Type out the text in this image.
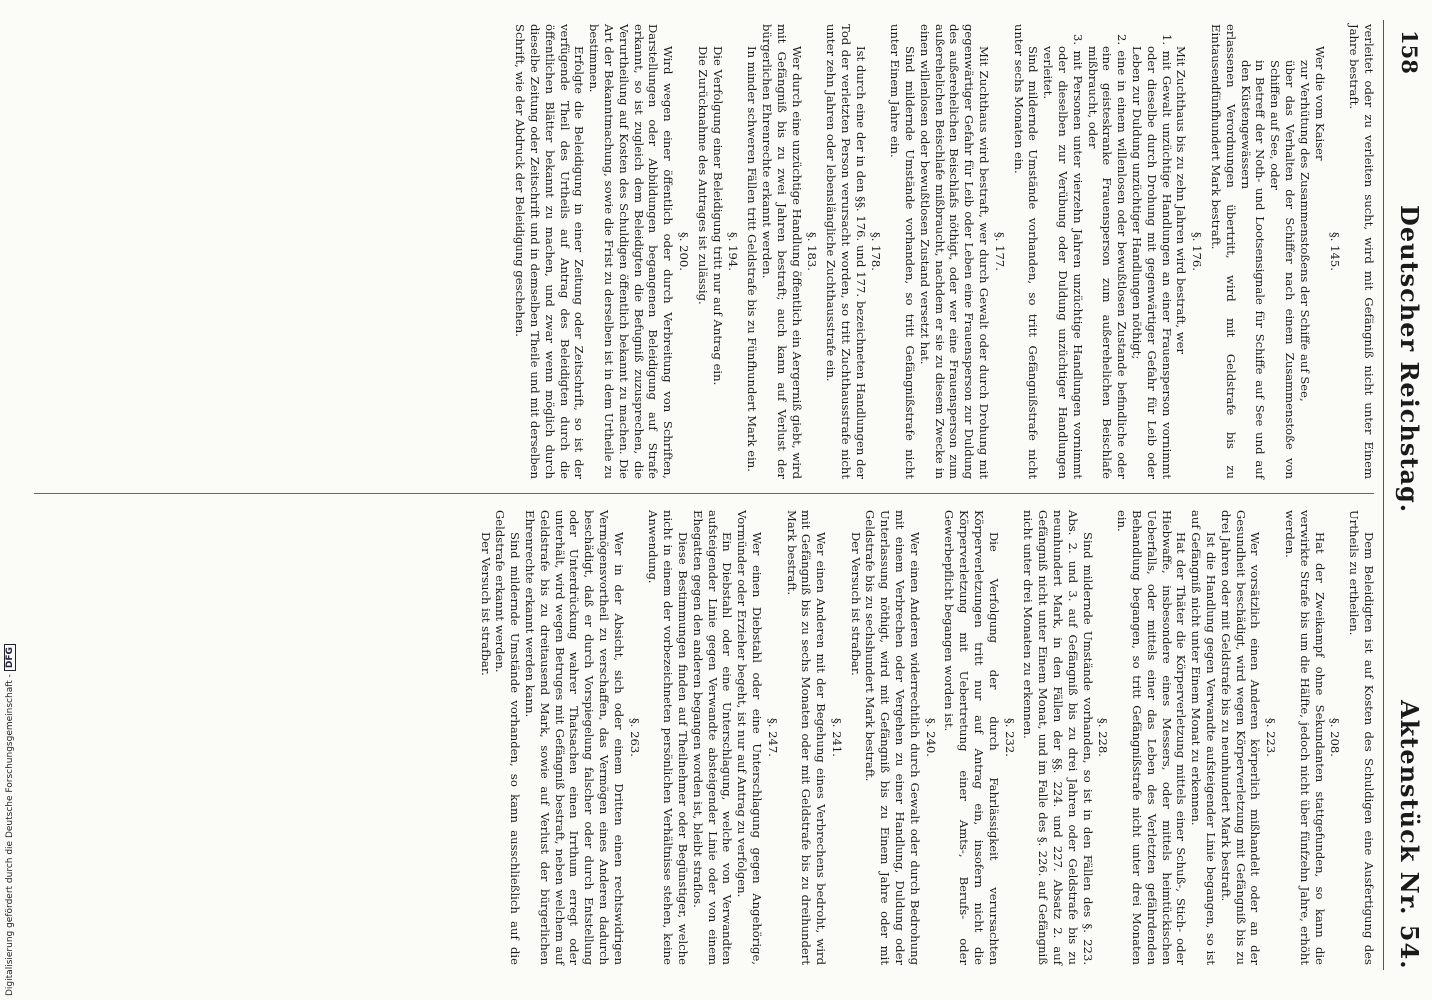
158
Deutscher Reichstag.
Aktenstück Nr. 54.

verleitet oder zu verleiten sucht, wird mit Gefängniß nicht unter Einem Jahre bestraft.

§. 145.

Wer die vom Kaiser

zur Verhütung des Zusammenstoßens der Schiffe auf See,

über das Verhalten der Schiffer nach einem Zusammenstoße von Schiffen auf See, oder

in Betreff der Noth- und Lootsensignale für Schiffe auf See und auf den Küstengewässern

erlassenen Verordnungen übertritt, wird mit Geldstrafe bis zu Eintausendfünfhundert Mark bestraft.

§. 176.

Mit Zuchthaus bis zu zehn Jahren wird bestraft, wer

1. mit Gewalt unzüchtige Handlungen an einer Frauensperson vornimmt oder dieselbe durch Drohung mit gegenwärtiger Gefahr für Leib oder Leben zur Duldung unzüchtiger Handlungen nöthigt;

2. eine in einem willenlosen oder bewußtlosen Zustande befindliche oder eine geisteskranke Frauensperson zum außerehelichen Beischlafe mißbraucht, oder

3. mit Personen unter vierzehn Jahren unzüchtige Handlungen vornimmt oder dieselben zur Verübung oder Duldung unzüchtiger Handlungen verleitet.

Sind mildernde Umstände vorhanden, so tritt Gefängnißstrafe nicht unter sechs Monaten ein.

§. 177.

Mit Zuchthaus wird bestraft, wer durch Gewalt oder durch Drohung mit gegenwärtiger Gefahr für Leib oder Leben eine Frauensperson zur Duldung des außerehelichen Beischlafs nöthigt, oder wer eine Frauensperson zum außerehelichen Beischlafe mißbraucht, nachdem er sie zu diesem Zwecke in einen willenlosen oder bewußtlosen Zustand versetzt hat.

Sind mildernde Umstände vorhanden, so tritt Gefängnißstrafe nicht unter Einem Jahre ein.

§. 178.

Ist durch eine der in den §§. 176. und 177. bezeichneten Handlungen der Tod der verletzten Person verursacht worden, so tritt Zuchthausstrafe nicht unter zehn Jahren oder lebenslängliche Zuchthausstrafe ein.

§. 183.

Wer durch eine unzüchtige Handlung öffentlich ein Aergerniß giebt, wird mit Gefängniß bis zu zwei Jahren bestraft; auch kann auf Verlust der bürgerlichen Ehrenrechte erkannt werden.

In minder schweren Fällen tritt Geldstrafe bis zu Fünfhundert Mark ein.

§. 194.

Die Verfolgung einer Beleidigung tritt nur auf Antrag ein.

Die Zurücknahme des Antrages ist zulässig.

§. 200.

Wird wegen einer öffentlich oder durch Verbreitung von Schriften, Darstellungen oder Abbildungen begangenen Beleidigung auf Strafe erkannt, so ist zugleich dem Beleidigten die Befugniß zuzusprechen, die Verurtheilung auf Kosten des Schuldigen öffentlich bekannt zu machen. Die Art der Bekanntmachung, sowie die Frist zu derselben ist in dem Urtheile zu bestimmen.

Erfolgte die Beleidigung in einer Zeitung oder Zeitschrift, so ist der verfügende Theil des Urtheils auf Antrag des Beleidigten durch die öffentlichen Blätter bekannt zu machen, und zwar wenn möglich durch dieselbe Zeitung oder Zeitschrift und in demselben Theile und mit derselben Schrift, wie der Abdruck der Beleidigung geschehen.

Dem Beleidigten ist auf Kosten des Schuldigen eine Ausfertigung des Urtheils zu ertheilen.

§. 208.

Hat der Zweikampf ohne Sekundanten stattgefunden, so kann die verwirkte Strafe bis um die Hälfte, jedoch nicht über fünfzehn Jahre, erhöht werden.

§. 223.

Wer vorsätzlich einen Anderen körperlich mißhandelt oder an der Gesundheit beschädigt, wird wegen Körperverletzung mit Gefängniß bis zu drei Jahren oder mit Geldstrafe bis zu neunhundert Mark bestraft.

Ist die Handlung gegen Verwandte aufsteigender Linie begangen, so ist auf Gefängniß nicht unter Einem Monat zu erkennen.

Hat der Thäter die Körperverletzung mittels einer Schuß-, Stich- oder Hiebwaffe, insbesondere eines Messers, oder mittels heimtückischen Ueberfalls, oder mittels einer das Leben des Verletzten gefährdenden Behandlung begangen, so tritt Gefängnißstrafe nicht unter drei Monaten ein.

§. 228.

Sind mildernde Umstände vorhanden, so ist in den Fällen des §. 223. Abs. 2. und 3. auf Gefängniß bis zu drei Jahren oder Geldstrafe bis zu neunhundert Mark, in den Fällen der §§. 224. und 227. Absatz 2. auf Gefängniß nicht unter Einem Monat, und im Falle des §. 226. auf Gefängniß nicht unter drei Monaten zu erkennen.

§. 232.

Die Verfolgung der durch Fahrlässigkeit verursachten Körperverletzungen tritt nur auf Antrag ein, insofern nicht die Körperverletzung mit Uebertretung einer Amts-, Berufs- oder Gewerbepflicht begangen worden ist.

§. 240.

Wer einen Anderen widerrechtlich durch Gewalt oder durch Bedrohung mit einem Verbrechen oder Vergehen zu einer Handlung, Duldung oder Unterlassung nöthigt, wird mit Gefängniß bis zu Einem Jahre oder mit Geldstrafe bis zu sechshundert Mark bestraft.

Der Versuch ist strafbar.

§. 241.

Wer einen Anderen mit der Begehung eines Verbrechens bedroht, wird mit Gefängniß bis zu sechs Monaten oder mit Geldstrafe bis zu dreihundert Mark bestraft.

§. 247.

Wer einen Diebstahl oder eine Unterschlagung gegen Angehörige, Vormünder oder Erzieher begeht, ist nur auf Antrag zu verfolgen.

Ein Diebstahl oder eine Unterschlagung, welche von Verwandten aufsteigender Linie gegen Verwandte absteigender Linie oder von einem Ehegatten gegen den anderen begangen worden ist, bleibt straflos.

Diese Bestimmungen finden auf Theilnehmer oder Begünstiger, welche nicht in einem der vorbezeichneten persönlichen Verhältnisse stehen, keine Anwendung.

§. 263.

Wer in der Absicht, sich oder einem Dritten einen rechtswidrigen Vermögensvortheil zu verschaffen, das Vermögen eines Anderen dadurch beschädigt, daß er durch Vorspiegelung falscher oder durch Entstellung oder Unterdrückung wahrer Thatsachen einen Irrthum erregt oder unterhält, wird wegen Betruges mit Gefängniß bestraft, neben welchem auf Geldstrafe bis zu dreitausend Mark, sowie auf Verlust der bürgerlichen Ehrenrechte erkannt werden kann.

Sind mildernde Umstände vorhanden, so kann ausschließlich auf die Geldstrafe erkannt werden.

Der Versuch ist strafbar.

Digitalisierung gefördert durch die Deutsche Forschungsgemeinschaft -DFG
